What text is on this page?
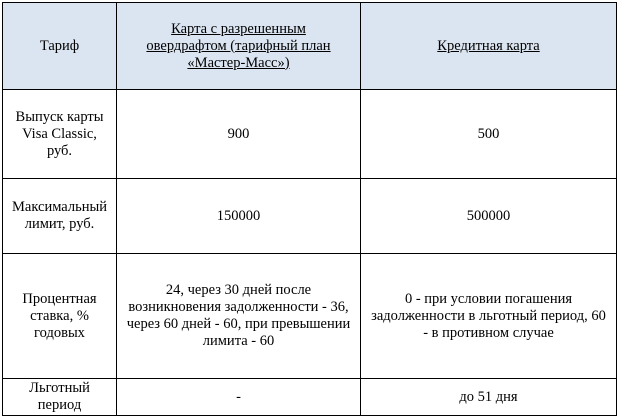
Тариф	Карта с разрешенным овердрафтом (тарифный план «Мастер-Масс»)	Кредитная карта
Выпуск карты Visa Classic, руб.	900	500
Максимальный лимит, руб.	150000	500000
Процентная ставка, % годовых	24, через 30 дней после возникновения задолженности - 36, через 60 дней - 60, при превышении лимита - 60	0 - при условии погашения задолженности в льготный период, 60 - в противном случае
Льготный период	-	до 51 дня
